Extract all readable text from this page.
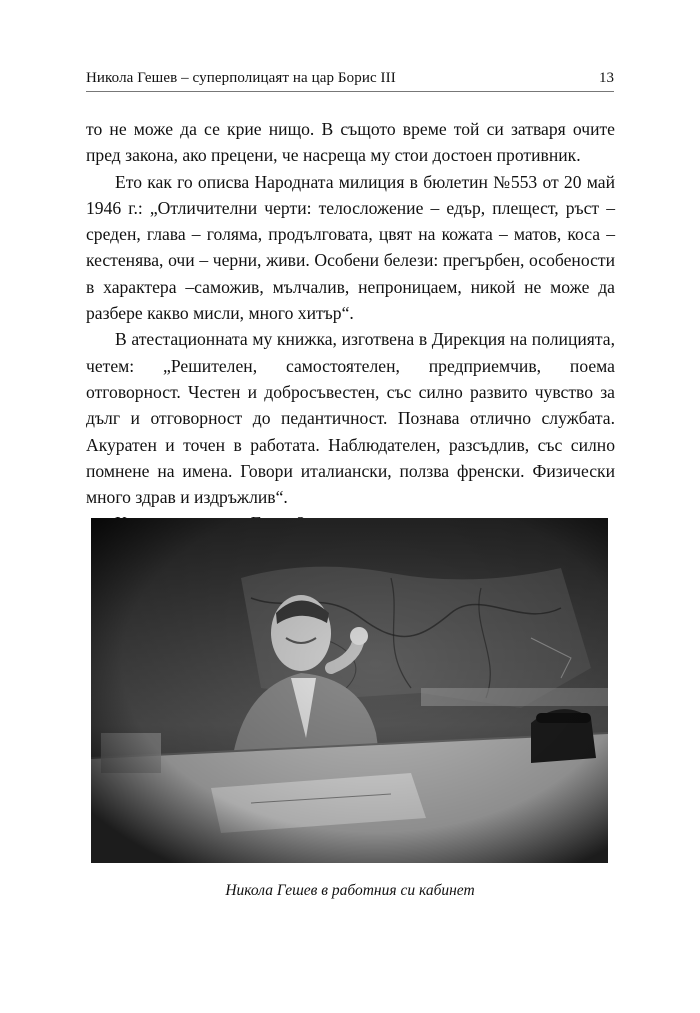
Никола Гешев – суперполицаят на цар Борис III	13

то не може да се крие нищо. В същото време той си затваря очите пред закона, ако прецени, че насреща му стои достоен противник.

Ето как го описва Народната милиция в бюлетин №553 от 20 май 1946 г.: „Отличителни черти: телосложение – едър, плещест, ръст – среден, глава – голяма, продълговата, цвят на кожата – матов, коса – кестенява, очи – черни, живи. Особени белези: прегърбен, особености в характера –саможив, мълчалив, непроницаем, никой не може да разбере какво мисли, много хитър“.

В атестационната му книжка, изготвена в Дирекция на полицията, четем: „Решителен, самостоятелен, предприемчив, поема отговорност. Честен и добросъвестен, със силно развито чувство за дълг и отговорност до педантичност. Познава отлично службата. Акуратен и точен в работата. Наблюдателен, разсъдлив, със силно помнене на имена. Говори италиански, ползва френски. Физически много здрав и издръжлив“.

Никола Гешев в работния си кабинет
